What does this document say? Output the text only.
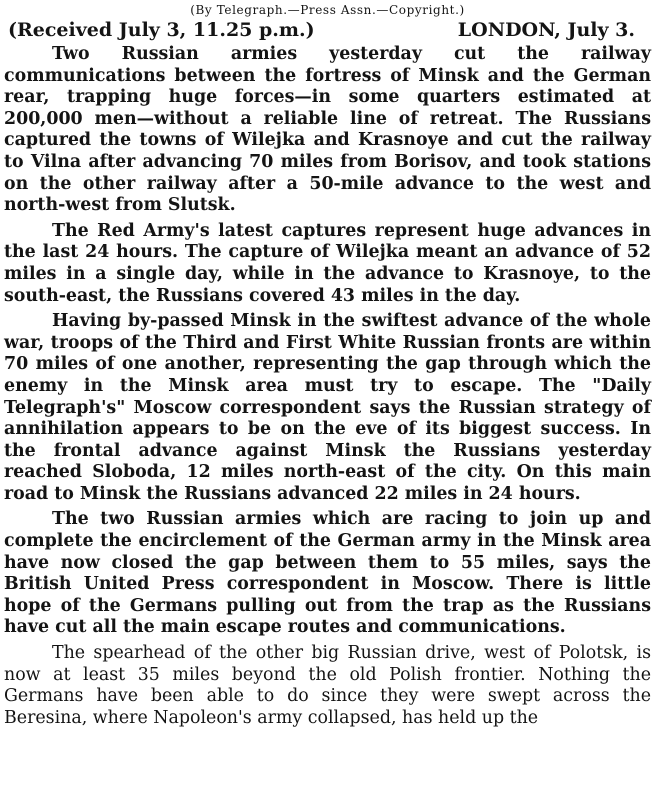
(By Telegraph.—Press Assn.—Copyright.)
(Received July 3, 11.25 p.m.)	LONDON, July 3.

Two Russian armies yesterday cut the railway communications between the fortress of Minsk and the German rear, trapping huge forces—in some quarters estimated at 200,000 men—without a reliable line of retreat. The Russians captured the towns of Wilejka and Krasnoye and cut the railway to Vilna after advancing 70 miles from Borisov, and took stations on the other railway after a 50-mile advance to the west and north-west from Slutsk.

The Red Army's latest captures represent huge advances in the last 24 hours. The capture of Wilejka meant an advance of 52 miles in a single day, while in the advance to Krasnoye, to the south-east, the Russians covered 43 miles in the day.

Having by-passed Minsk in the swiftest advance of the whole war, troops of the Third and First White Russian fronts are within 70 miles of one another, representing the gap through which the enemy in the Minsk area must try to escape. The "Daily Telegraph's" Moscow correspondent says the Russian strategy of annihilation appears to be on the eve of its biggest success. In the frontal advance against Minsk the Russians yesterday reached Sloboda, 12 miles north-east of the city. On this main road to Minsk the Russians advanced 22 miles in 24 hours.

The two Russian armies which are racing to join up and complete the encirclement of the German army in the Minsk area have now closed the gap between them to 55 miles, says the British United Press correspondent in Moscow. There is little hope of the Germans pulling out from the trap as the Russians have cut all the main escape routes and communications.

The spearhead of the other big Russian drive, west of Polotsk, is now at least 35 miles beyond the old Polish frontier. Nothing the Germans have been able to do since they were swept across the Beresina, where Napoleon's army collapsed, has held up the
